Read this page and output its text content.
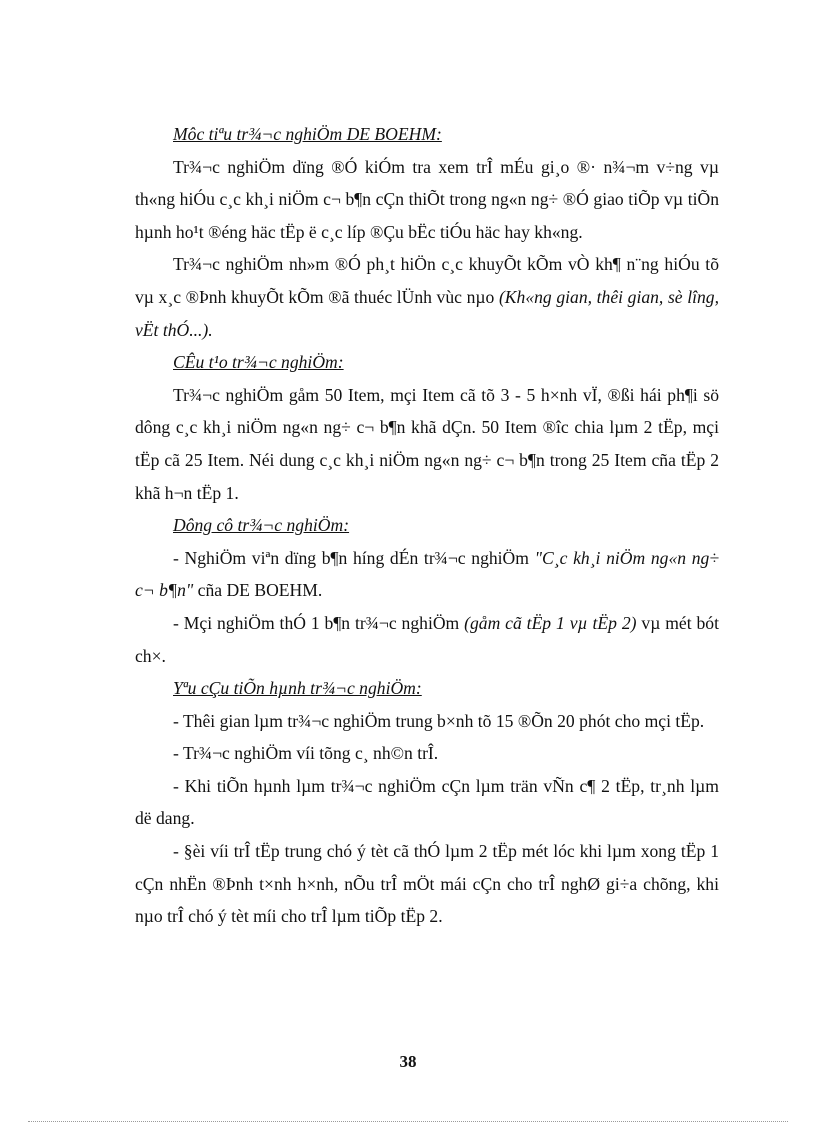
Môc tiªu tr¾¬c nghiÖm DE BOEHM:

Tr¾¬c nghiÖm dïng ®Ó kiÓm tra xem trÎ mÉu gi¸o ®· n¾¬m v÷ng vµ th«ng hiÓu c¸c kh¸i niÖm c¬ b¶n cÇn thiÕt trong ng«n ng÷ ®Ó giao tiÕp vµ tiÕn hµnh ho¹t ®éng häc tËp ë c¸c líp ®Çu bËc tiÓu häc hay kh«ng.

Tr¾¬c nghiÖm nh»m ®Ó ph¸t hiÖn c¸c khuyÕt kÕm vÒ kh¶ n¨ng hiÓu tõ vµ x¸c ®Þnh khuyÕt kÕm ®ã thuéc lÜnh vùc nµo (Kh«ng gian, thêi gian, sè lîng, vËt thÓ...).

CÊu t¹o tr¾¬c nghiÖm:

Tr¾¬c nghiÖm gåm 50 Item, mçi Item cã tõ 3 - 5 h×nh vÏ, ®ßi hái ph¶i sö dông c¸c kh¸i niÖm ng«n ng÷ c¬ b¶n khã dÇn. 50 Item ®îc chia lµm 2 tËp, mçi tËp cã 25 Item. Néi dung c¸c kh¸i niÖm ng«n ng÷ c¬ b¶n trong 25 Item cña tËp 2 khã h¬n tËp 1.

Dông cô tr¾¬c nghiÖm:

- NghiÖm viªn dïng b¶n híng dÉn tr¾¬c nghiÖm "C¸c kh¸i niÖm ng«n ng÷ c¬ b¶n" cña DE BOEHM.

- Mçi nghiÖm thÓ 1 b¶n tr¾¬c nghiÖm (gåm cã tËp 1 vµ tËp 2) vµ mét bót ch×.

Yªu cÇu tiÕn hµnh tr¾¬c nghiÖm:

- Thêi gian lµm tr¾¬c nghiÖm trung b×nh tõ 15 ®Õn 20 phót cho mçi tËp.

- Tr¾¬c nghiÖm víi tõng c¸ nh©n trÎ.

- Khi tiÕn hµnh lµm tr¾¬c nghiÖm cÇn lµm trän vÑn c¶ 2 tËp, tr¸nh lµm dë dang.

- §èi víi trÎ tËp trung chó ý tèt cã thÓ lµm 2 tËp mét lóc khi lµm xong tËp 1 cÇn nhËn ®Þnh t×nh h×nh, nÕu trÎ mÖt mái cÇn cho trÎ nghØ gi÷a chõng, khi nµo trÎ chó ý tèt míi cho trÎ lµm tiÕp tËp 2.

38
